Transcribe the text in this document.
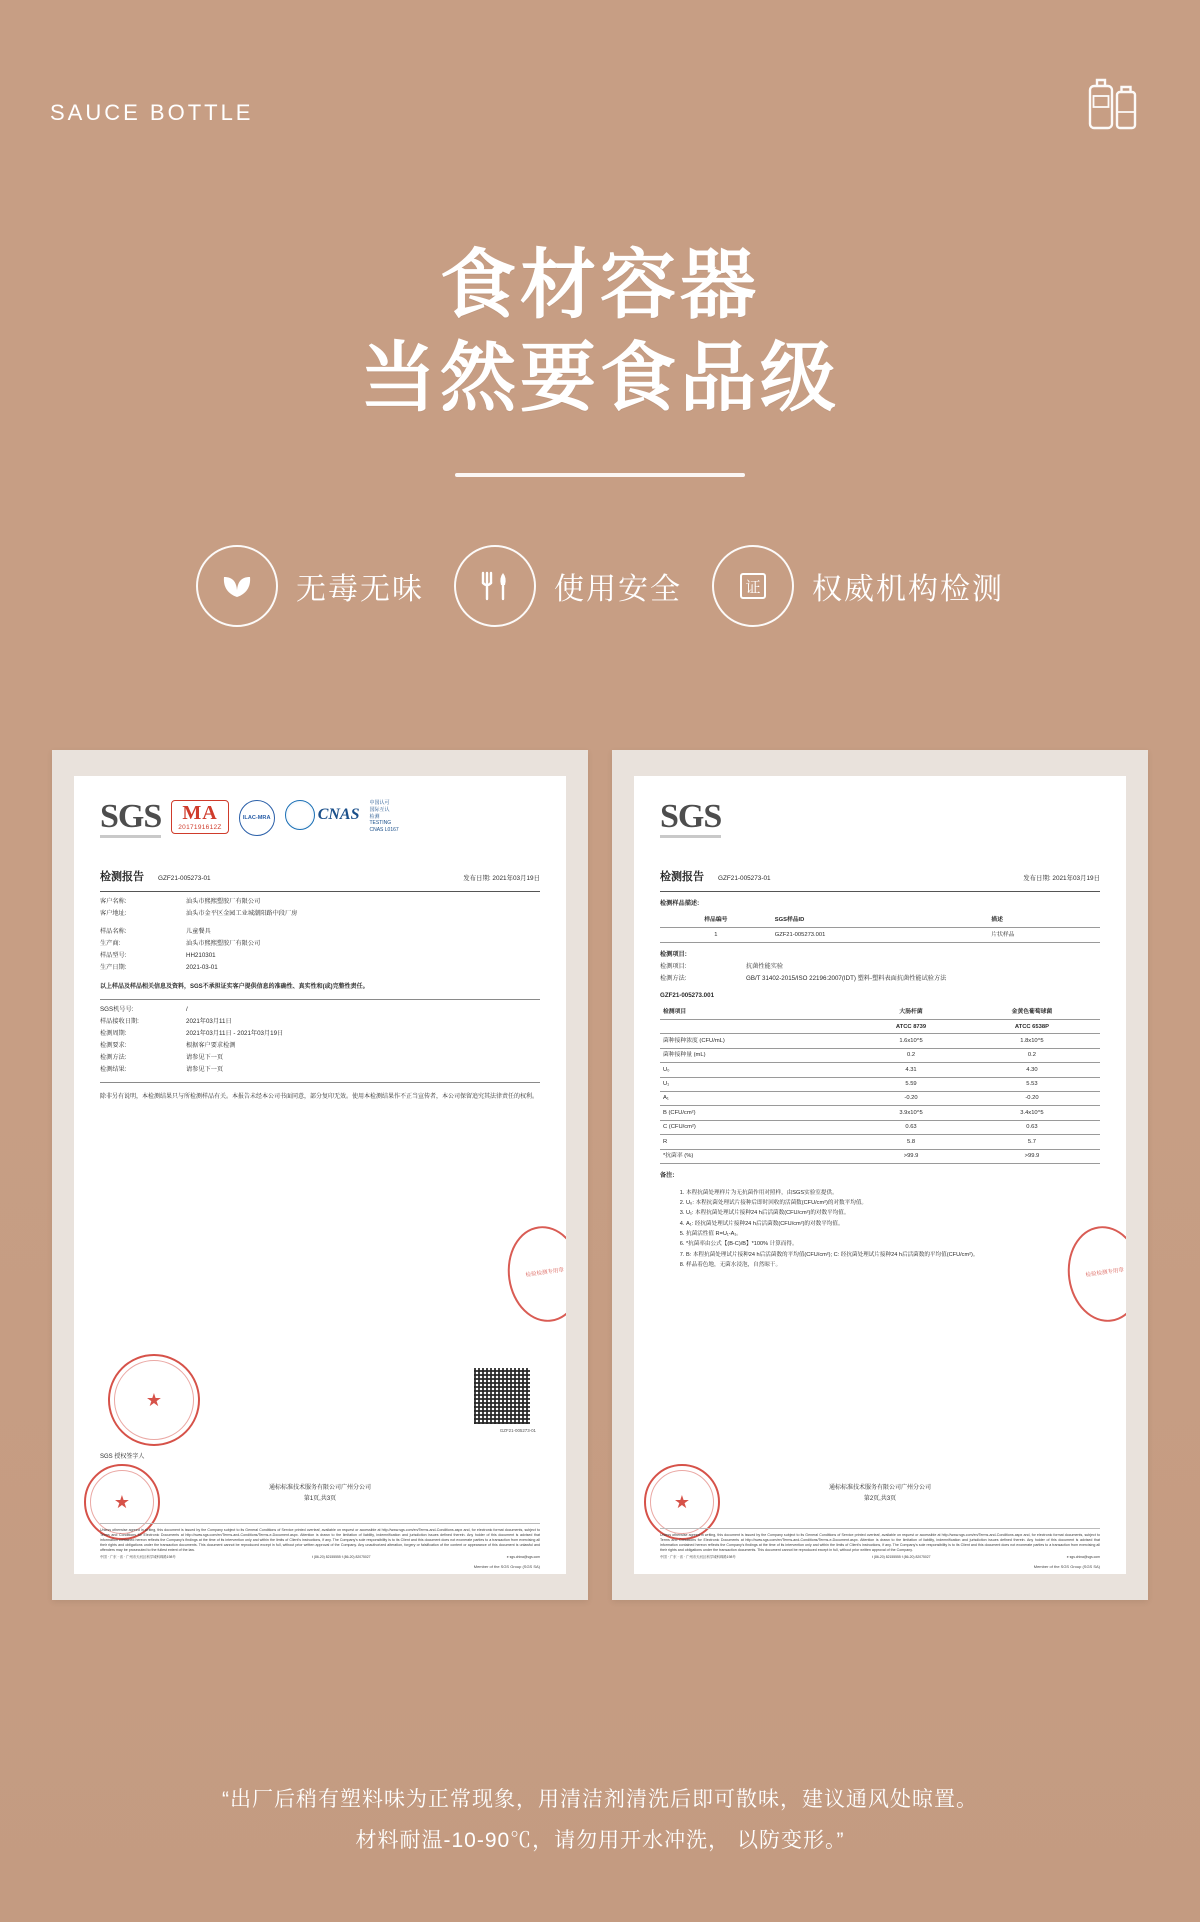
SAUCE BOTTLE
食材容器
当然要食品级
无毒无味	使用安全	证 权威机构检测
SGS MA
2017191612Z
ILAC-MRA	CNAS
中国认可
国际互认
检测
TESTING
CNAS L0167
检测报告 GZF21-005273-01	发布日期: 2021年03月19日
客户名称:	汕头市熙熙塑胶厂有限公司
客户地址:	汕头市金平区金园工业城潮阳路中段厂房
样品名称:	儿童餐具
生产商:	汕头市熙熙塑胶厂有限公司
样品型号:	HH210301
生产日期:	2021-03-01
以上样品及样品相关信息及资料，SGS不承担证实客户提供信息的准确性、真实性和(或)完整性责任。
SGS机号号:	/
样品接收日期:	2021年03月11日
检测周期:	2021年03月11日 - 2021年03月19日
检测要求:	根据客户要求检测
检测方法:	请参见下一页
检测结果:	请参见下一页
除非另有说明，本检测结果只与所检测样品有关。本报告未经本公司书面同意，部分复印无效。使用本检测结果作不正当宣传者，本公司保留追究其法律责任的权利。
★
★
检验检测专用章
GZF21-005273-01
SGS 授权签字人
通标标准技术服务有限公司广州分公司
第1页,共3页
Unless otherwise agreed in writing, this document is issued by the Company subject to its General Conditions of Service printed overleaf, available on request or accessible at http://www.sgs.com/en/Terms-and-Conditions.aspx and, for electronic format documents, subject to Terms and Conditions for Electronic Documents at http://www.sgs.com/en/Terms-and-Conditions/Terms-e-Document.aspx. Attention is drawn to the limitation of liability, indemnification and jurisdiction issues defined therein. Any holder of this document is advised that information contained hereon reflects the Company's findings at the time of its intervention only and within the limits of Client's instructions, if any. The Company's sole responsibility is to its Client and this document does not exonerate parties to a transaction from exercising all their rights and obligations under the transaction documents. This document cannot be reproduced except in full, without prior written approval of the Company. Any unauthorized alteration, forgery or falsification of the content or appearance of this document is unlawful and offenders may be prosecuted to the fullest extent of the law.
中国 · 广东 · 省 · 广州市天河区科学城科珠路198号	t (86-20) 82155555 f (86-20) 82075027	e sgs.china@sgs.com
Member of the SGS Group (SGS SA)
SGS
检测报告 GZF21-005273-01	发布日期: 2021年03月19日
检测样品描述:
样品编号	SGS样品ID	描述
1	GZF21-005273.001	片状样品
检测项目:
检测项目:	抗菌性能实验
检测方法:	GB/T 31402-2015/ISO 22196:2007(IDT) 塑料-塑料表面抗菌性能试验方法
GZF21-005273.001
检测项目	大肠杆菌	金黄色葡萄球菌
	ATCC 8739	ATCC 6538P
菌种接种浓度 (CFU/mL)	1.6x10^5	1.8x10^5
菌种接种量 (mL)	0.2	0.2
U₀	4.31	4.30
U₁	5.59	5.53
A₁	-0.20	-0.20
B (CFU/cm²)	3.9x10^5	3.4x10^5
C (CFU/cm²)	0.63	0.63
R	5.8	5.7
*抗菌率 (%)	>99.9	>99.9
备注:
1. 本程抗菌处理样片为无抗菌作用对照样，由SGS实验室提供。
2. U₀: 本程抗菌处理试片接种后即时回收的活菌数(CFU/cm²)的对数平均值。
3. U₁: 本程抗菌处理试片接种24 h后活菌数(CFU/cm²)的对数平均值。
4. A₁: 经抗菌处理试片接种24 h后活菌数(CFU/cm²)的对数平均值。
5. 抗菌活性值 R=U₁-A₁。
6. *抗菌率由公式【(B-C)/B】*100% 计算而得。
7. B: 本程抗菌处理试片接种24 h后活菌数的平均值(CFU/cm²); C: 经抗菌处理试片接种24 h后活菌数的平均值(CFU/cm²)。
8. 样品着色地，无菌水浸泡，自然晾干。
★
检验检测专用章
通标标准技术服务有限公司广州分公司
第2页,共3页
Unless otherwise agreed in writing, this document is issued by the Company subject to its General Conditions of Service printed overleaf, available on request or accessible at http://www.sgs.com/en/Terms-and-Conditions.aspx and, for electronic format documents, subject to Terms and Conditions for Electronic Documents at http://www.sgs.com/en/Terms-and-Conditions/Terms-e-Document.aspx. Attention is drawn to the limitation of liability, indemnification and jurisdiction issues defined therein. Any holder of this document is advised that information contained hereon reflects the Company's findings at the time of its intervention only and within the limits of Client's instructions, if any. The Company's sole responsibility is to its Client and this document does not exonerate parties to a transaction from exercising all their rights and obligations under the transaction documents. This document cannot be reproduced except in full, without prior written approval of the Company.
中国 · 广东 · 省 · 广州市天河区科学城科珠路198号	t (86-20) 82155555 f (86-20) 82075027	e sgs.china@sgs.com
Member of the SGS Group (SGS SA)
“出厂后稍有塑料味为正常现象，用清洁剂清洗后即可散味，建议通风处晾置。
材料耐温-10-90℃，请勿用开水冲洗， 以防变形。”
